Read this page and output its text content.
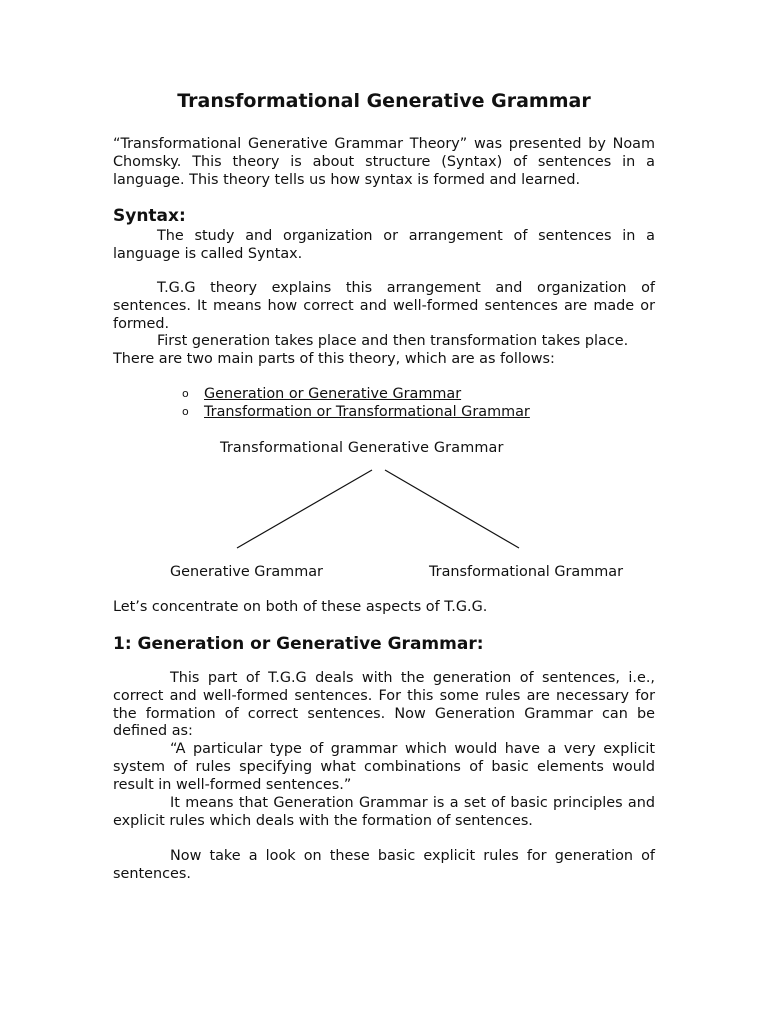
Transformational Generative Grammar

“Transformational Generative Grammar Theory” was presented by Noam Chomsky. This theory is about structure (Syntax) of sentences in a language. This theory tells us how syntax is formed and learned.

Syntax:

The study and organization or arrangement of sentences in a language is called Syntax.

T.G.G theory explains this arrangement and organization of sentences. It means how correct and well-formed sentences are made or formed.

First generation takes place and then transformation takes place.

There are two main parts of this theory, which are as follows:

o Generation or Generative Grammar
o Transformation or Transformational Grammar
Transformational Generative Grammar
Generative Grammar	Transformational Grammar

Let’s concentrate on both of these aspects of T.G.G.

1: Generation or Generative Grammar:

This part of T.G.G deals with the generation of sentences, i.e., correct and well-formed sentences. For this some rules are necessary for the formation of correct sentences. Now Generation Grammar can be defined as:

“A particular type of grammar which would have a very explicit system of rules specifying what combinations of basic elements would result in well-formed sentences.”

It means that Generation Grammar is a set of basic principles and explicit rules which deals with the formation of sentences.

Now take a look on these basic explicit rules for generation of sentences.
